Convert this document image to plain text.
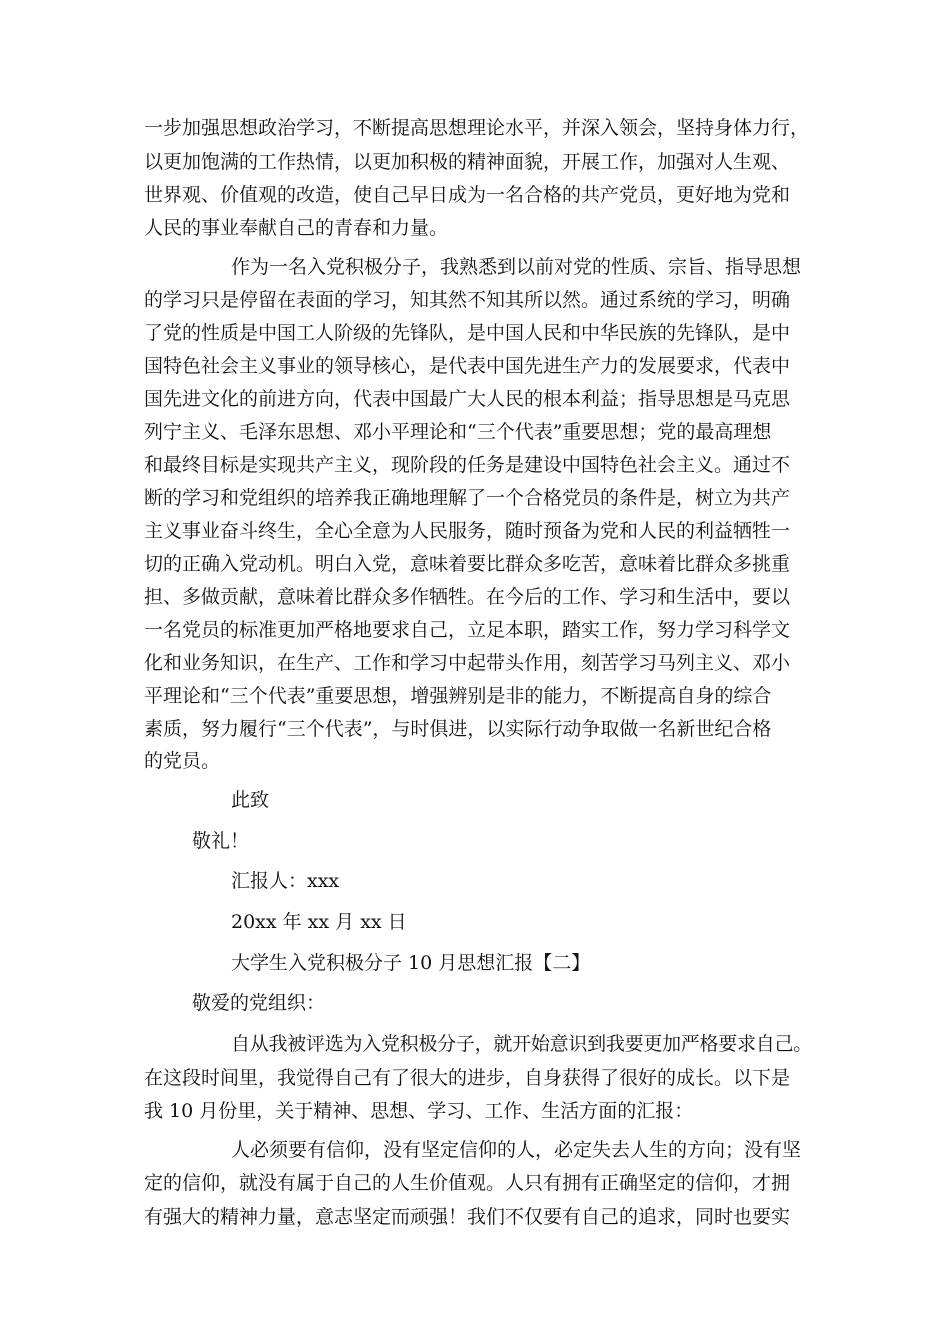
一步加强思想政治学习，不断提高思想理论水平，并深入领会，坚持身体力行，
以更加饱满的工作热情，以更加积极的精神面貌，开展工作，加强对人生观、
世界观、价值观的改造，使自己早日成为一名合格的共产党员，更好地为党和
人民的事业奉献自己的青春和力量。
作为一名入党积极分子，我熟悉到以前对党的性质、宗旨、指导思想
的学习只是停留在表面的学习，知其然不知其所以然。通过系统的学习，明确
了党的性质是中国工人阶级的先锋队，是中国人民和中华民族的先锋队，是中
国特色社会主义事业的领导核心，是代表中国先进生产力的发展要求，代表中
国先进文化的前进方向，代表中国最广大人民的根本利益；指导思想是马克思
列宁主义、毛泽东思想、邓小平理论和“三个代表”重要思想；党的最高理想
和最终目标是实现共产主义，现阶段的任务是建设中国特色社会主义。通过不
断的学习和党组织的培养我正确地理解了一个合格党员的条件是，树立为共产
主义事业奋斗终生，全心全意为人民服务，随时预备为党和人民的利益牺牲一
切的正确入党动机。明白入党，意味着要比群众多吃苦，意味着比群众多挑重
担、多做贡献，意味着比群众多作牺牲。在今后的工作、学习和生活中，要以
一名党员的标准更加严格地要求自己，立足本职，踏实工作，努力学习科学文
化和业务知识，在生产、工作和学习中起带头作用，刻苦学习马列主义、邓小
平理论和“三个代表”重要思想，增强辨别是非的能力，不断提高自身的综合
素质，努力履行“三个代表”，与时俱进，以实际行动争取做一名新世纪合格
的党员。
此致
敬礼！
汇报人：xxx
20xx 年 xx 月 xx 日
大学生入党积极分子 10 月思想汇报【二】
敬爱的党组织：
自从我被评选为入党积极分子，就开始意识到我要更加严格要求自己。
在这段时间里，我觉得自己有了很大的进步，自身获得了很好的成长。以下是
我 10 月份里，关于精神、思想、学习、工作、生活方面的汇报：
人必须要有信仰，没有坚定信仰的人，必定失去人生的方向；没有坚
定的信仰，就没有属于自己的人生价值观。人只有拥有正确坚定的信仰，才拥
有强大的精神力量，意志坚定而顽强！我们不仅要有自己的追求，同时也要实
